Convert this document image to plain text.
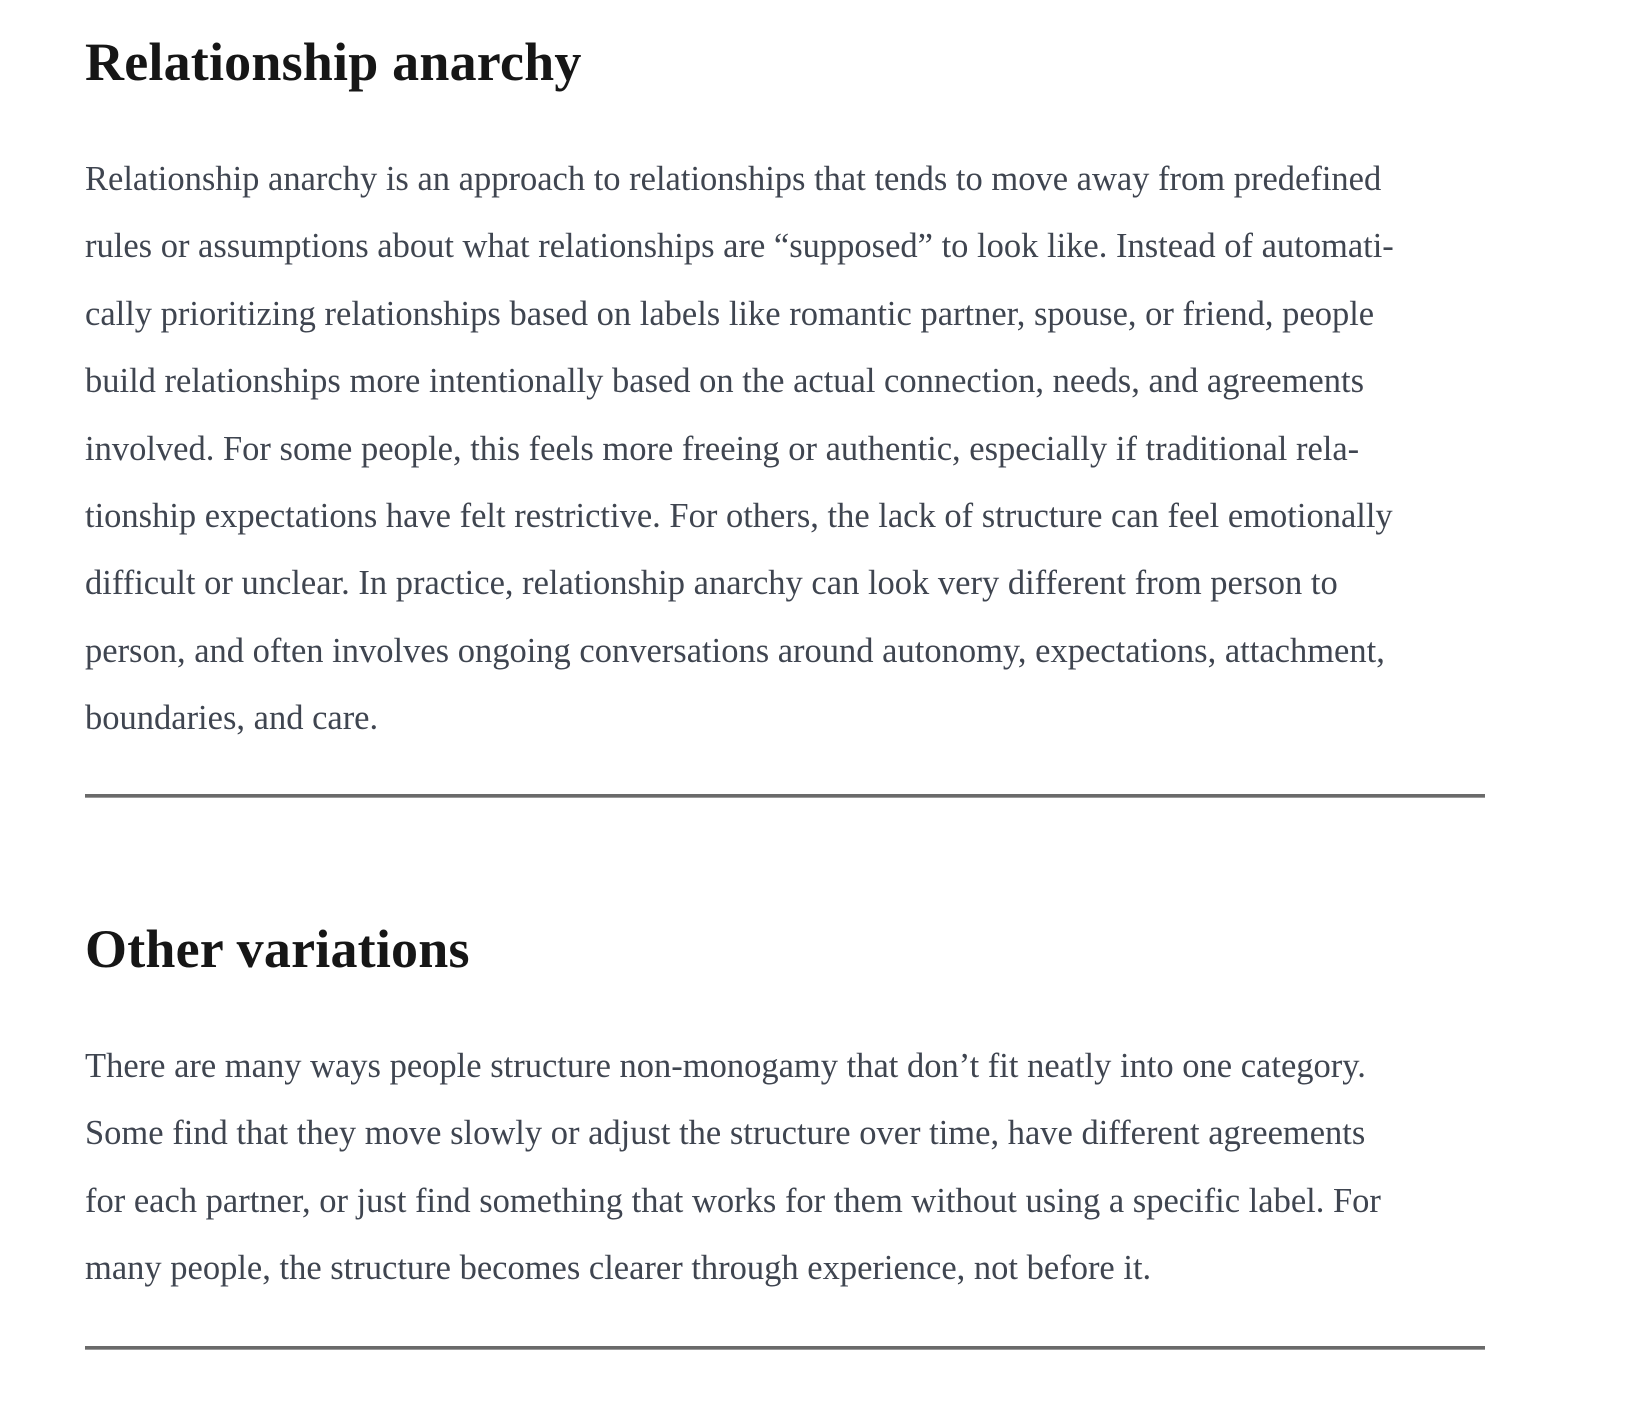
Relationship anarchy

Relationship anarchy is an approach to relationships that tends to move away from predefined
rules or assumptions about what relationships are “supposed” to look like. Instead of automati-
cally prioritizing relationships based on labels like romantic partner, spouse, or friend, people
build relationships more intentionally based on the actual connection, needs, and agreements
involved. For some people, this feels more freeing or authentic, especially if traditional rela-
tionship expectations have felt restrictive. For others, the lack of structure can feel emotionally
difficult or unclear. In practice, relationship anarchy can look very different from person to
person, and often involves ongoing conversations around autonomy, expectations, attachment,
boundaries, and care.

Other variations

There are many ways people structure non-monogamy that don’t fit neatly into one category.
Some find that they move slowly or adjust the structure over time, have different agreements
for each partner, or just find something that works for them without using a specific label. For
many people, the structure becomes clearer through experience, not before it.
